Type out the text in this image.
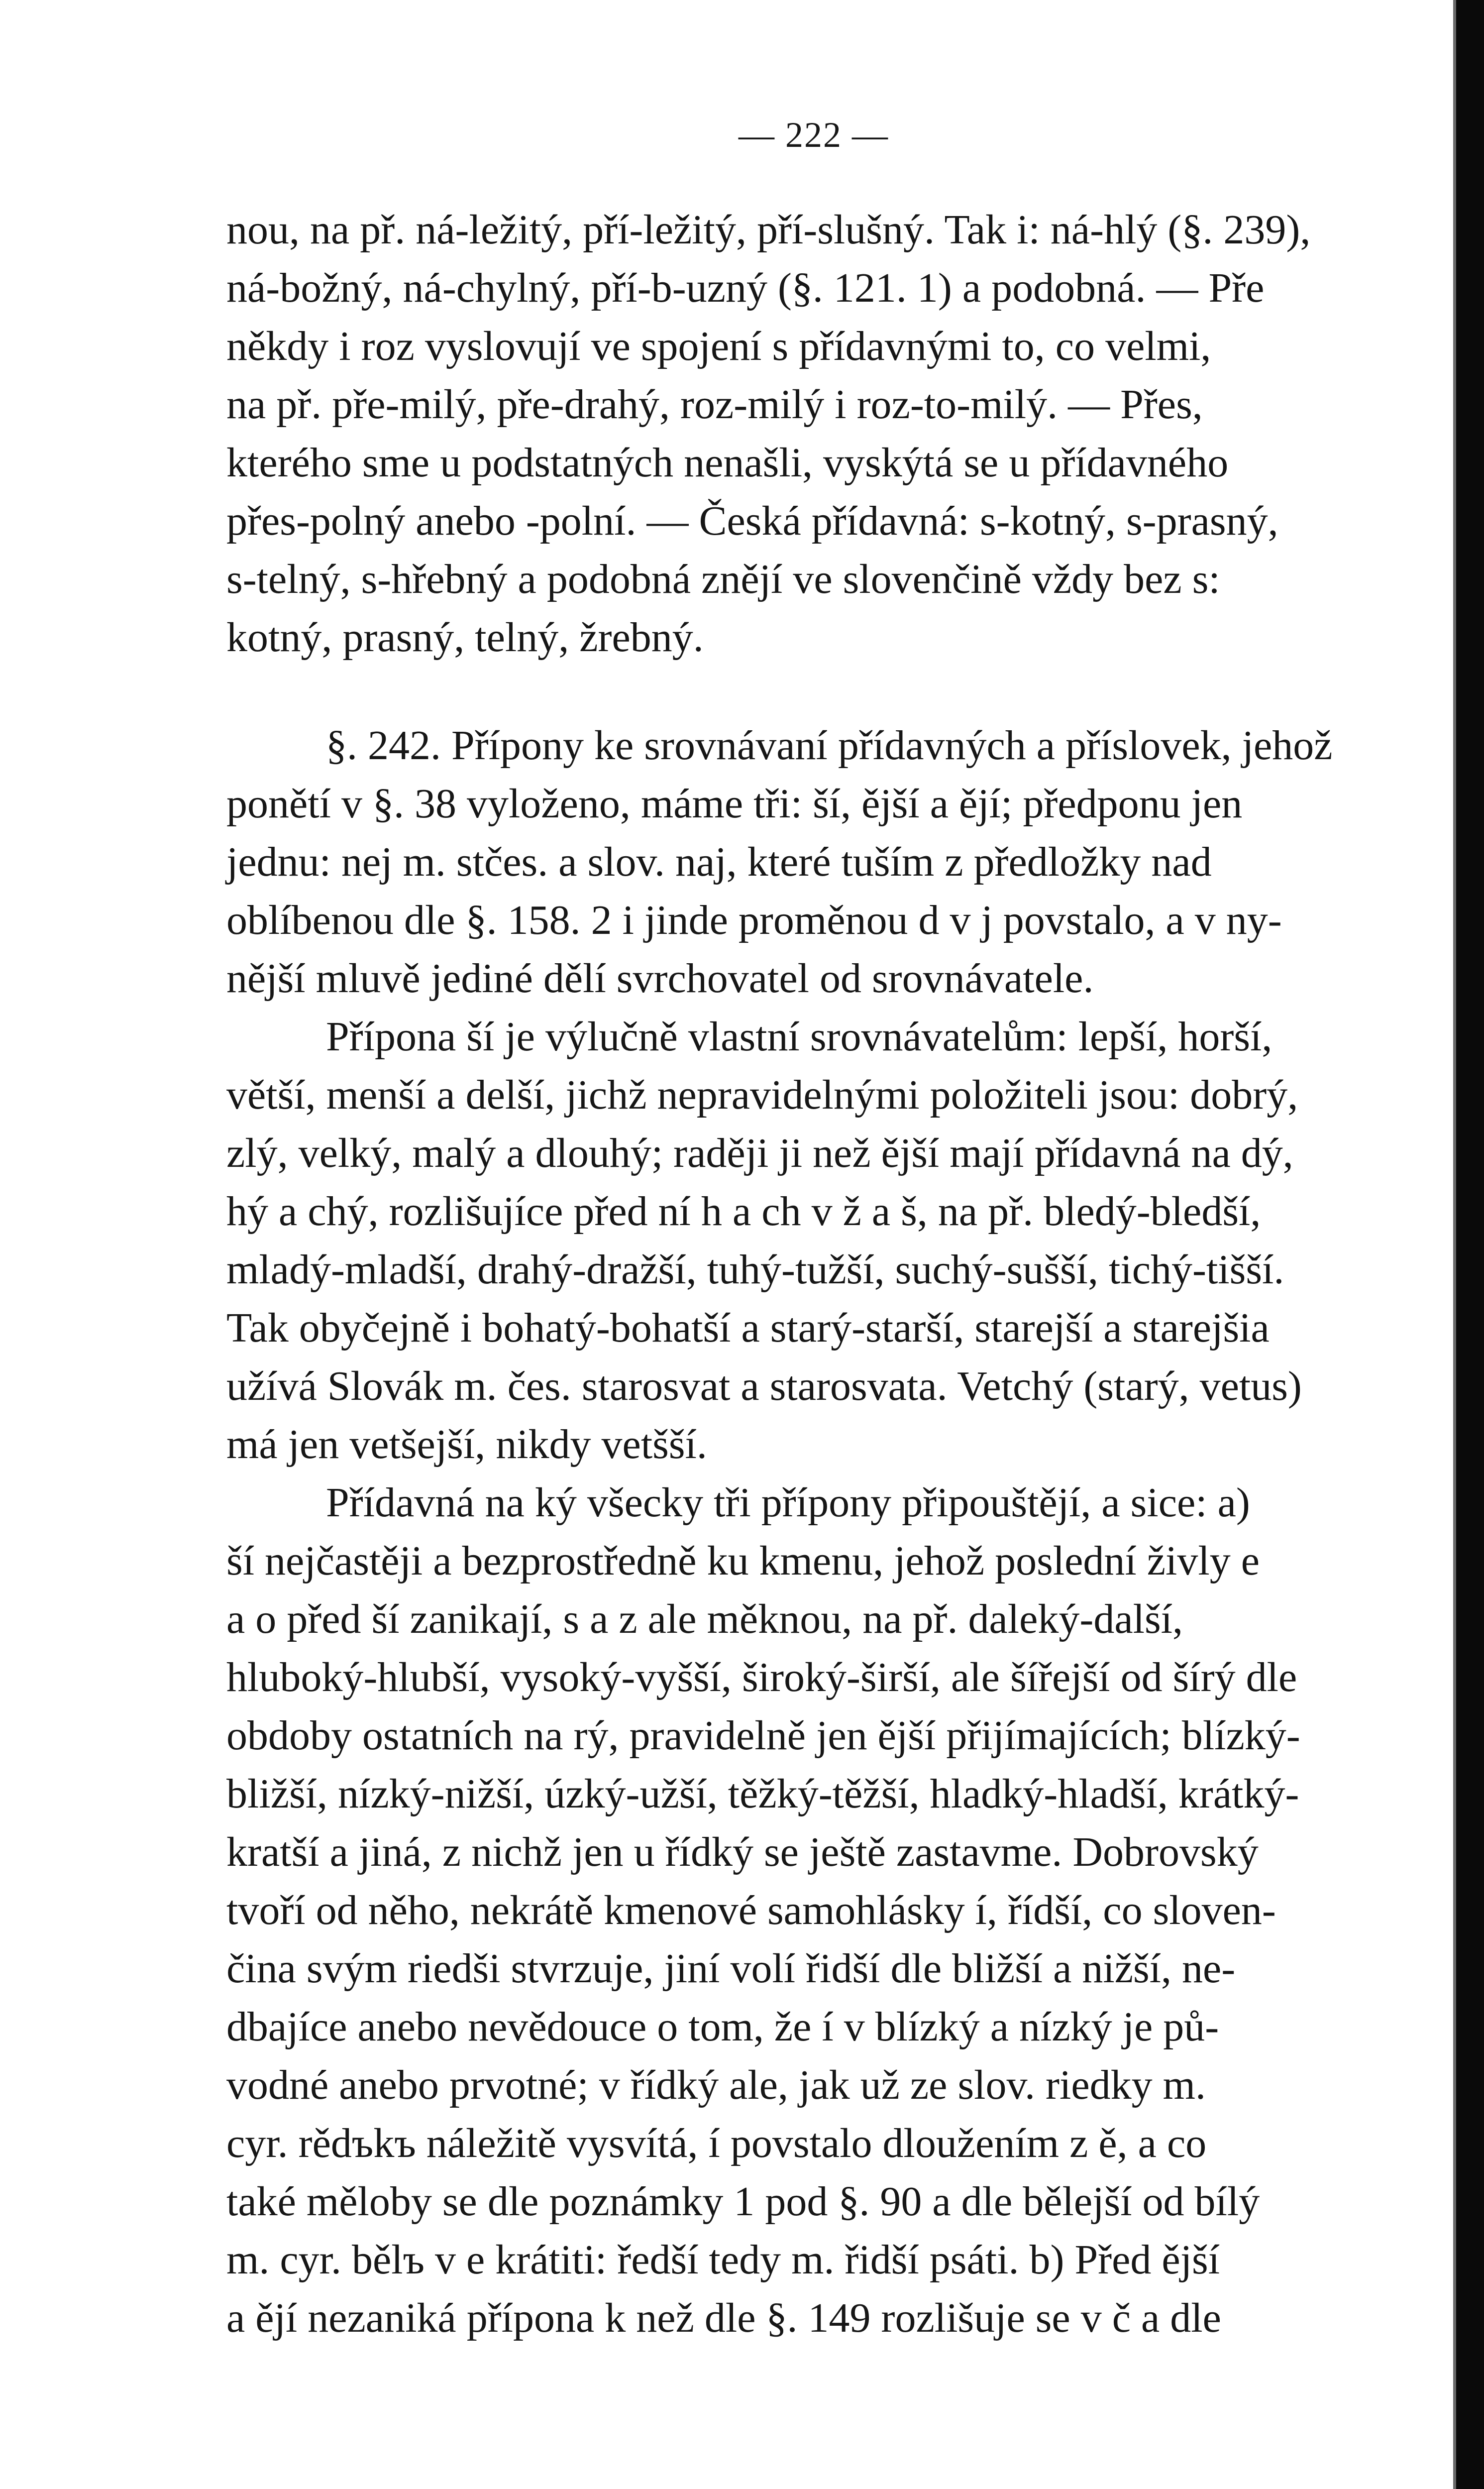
— 222 —
nou, na př. ná-ležitý, pří-ležitý, pří-slušný. Tak i: ná-hlý (§. 239),
ná-božný, ná-chylný, pří-b-uzný (§. 121. 1) a podobná. — Pře
někdy i roz vyslovují ve spojení s přídavnými to, co velmi,
na př. pře-milý, pře-drahý, roz-milý i roz-to-milý. — Přes,
kterého sme u podstatných nenašli, vyskýtá se u přídavného
přes-polný anebo -polní. — Česká přídavná: s-kotný, s-prasný,
s-telný, s-hřebný a podobná znějí ve slovenčině vždy bez s:
kotný, prasný, telný, žrebný.
§. 242. Přípony ke srovnávaní přídavných a příslovek, jehož
ponětí v §. 38 vyloženo, máme tři: ší, ější a ějí; předponu jen
jednu: nej m. stčes. a slov. naj, které tuším z předložky nad
oblíbenou dle §. 158. 2 i jinde proměnou d v j povstalo, a v ny-
nější mluvě jediné dělí svrchovatel od srovnávatele.
Přípona ší je výlučně vlastní srovnávatelům: lepší, horší,
větší, menší a delší, jichž nepravidelnými položiteli jsou: dobrý,
zlý, velký, malý a dlouhý; raději ji než ější mají přídavná na dý,
hý a chý, rozlišujíce před ní h a ch v ž a š, na př. bledý-bledší,
mladý-mladší, drahý-dražší, tuhý-tužší, suchý-sušší, tichý-tišší.
Tak obyčejně i bohatý-bohatší a starý-starší, starejší a starejšia
užívá Slovák m. čes. starosvat a starosvata. Vetchý (starý, vetus)
má jen vetšejší, nikdy vetšší.
Přídavná na ký všecky tři přípony připouštějí, a sice: a)
ší nejčastěji a bezprostředně ku kmenu, jehož poslední živly e
a o před ší zanikají, s a z ale měknou, na př. daleký-další,
hluboký-hlubší, vysoký-vyšší, široký-širší, ale šířejší od šírý dle
obdoby ostatních na rý, pravidelně jen ější přijímajících; blízký-
bližší, nízký-nižší, úzký-užší, těžký-těžší, hladký-hladší, krátký-
kratší a jiná, z nichž jen u řídký se ještě zastavme. Dobrovský
tvoří od něho, nekrátě kmenové samohlásky í, řídší, co sloven-
čina svým riedši stvrzuje, jiní volí řidší dle bližší a nižší, ne-
dbajíce anebo nevědouce o tom, že í v blízký a nízký je pů-
vodné anebo prvotné; v řídký ale, jak už ze slov. riedky m.
cyr. rědъkъ náležitě vysvítá, í povstalo dloužením z ě, a co
také měloby se dle poznámky 1 pod §. 90 a dle bělejší od bílý
m. cyr. bělъ v e krátiti: ředší tedy m. řidší psáti. b) Před ější
a ějí nezaniká přípona k než dle §. 149 rozlišuje se v č a dle
